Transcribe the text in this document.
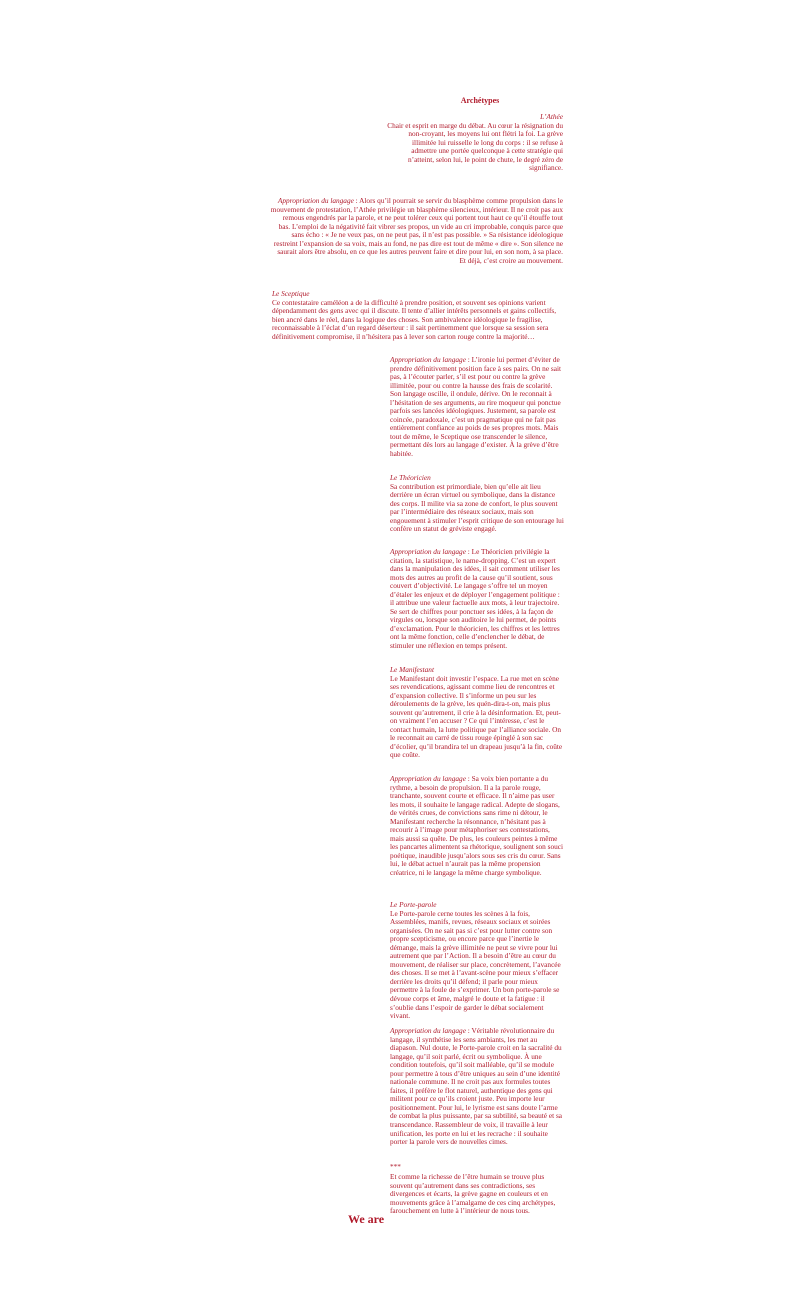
Archétypes
L’Athée
Chair et esprit en marge du débat. Au cœur la résignation du non-croyant, les moyens lui ont flétri la foi. La grève illimitée lui ruisselle le long du corps : il se refuse à admettre une portée quelconque à cette stratégie qui n’atteint, selon lui, le point de chute, le degré zéro de signifiance.
Appropriation du langage : Alors qu’il pourrait se servir du blasphème comme propulsion dans le mouvement de protestation, l’Athée privilégie un blasphème silencieux, intérieur. Il ne croit pas aux remous engendrés par la parole, et ne peut tolérer ceux qui portent tout haut ce qu’il étouffe tout bas. L’emploi de la négativité fait vibrer ses propos, un vide au cri improbable, conquis parce que sans écho : « Je ne veux pas, on ne peut pas, il n’est pas possible. » Sa résistance idéologique restreint l’expansion de sa voix, mais au fond, ne pas dire est tout de même « dire ». Son silence ne saurait alors être absolu, en ce que les autres peuvent faire et dire pour lui, en son nom, à sa place. Et déjà, c’est croire au mouvement.
Le Sceptique
Ce contestataire caméléon a de la difficulté à prendre position, et souvent ses opinions varient dépendamment des gens avec qui il discute. Il tente d’allier intérêts personnels et gains collectifs, bien ancré dans le réel, dans la logique des choses. Son ambivalence idéologique le fragilise, reconnaissable à l’éclat d’un regard déserteur : il sait pertinemment que lorsque sa session sera définitivement compromise, il n’hésitera pas à lever son carton rouge contre la majorité…
Appropriation du langage : L’ironie lui permet d’éviter de prendre définitivement position face à ses pairs. On ne sait pas, à l’écouter parler, s’il est pour ou contre la grève illimitée, pour ou contre la hausse des frais de scolarité. Son langage oscille, il ondule, dérive. On le reconnait à l’hésitation de ses arguments, au rire moqueur qui ponctue parfois ses lancées idéologiques. Justement, sa parole est coincée, paradoxale, c’est un pragmatique qui ne fait pas entièrement confiance au poids de ses propres mots. Mais tout de même, le Sceptique ose transcender le silence, permettant dès lors au langage d’exister. À la grève d’être habitée.
Le Théoricien
Sa contribution est primordiale, bien qu’elle ait lieu derrière un écran virtuel ou symbolique, dans la distance des corps. Il milite via sa zone de confort, le plus souvent par l’intermédiaire des réseaux sociaux, mais son engouement à stimuler l’esprit critique de son entourage lui confère un statut de gréviste engagé.
Appropriation du langage : Le Théoricien privilégie la citation, la statistique, le name-dropping. C’est un expert dans la manipulation des idées, il sait comment utiliser les mots des autres au profit de la cause qu’il soutient, sous couvert d’objectivité. Le langage s’offre tel un moyen d’étaler les enjeux et de déployer l’engagement politique : il attribue une valeur factuelle aux mots, à leur trajectoire. Se sert de chiffres pour ponctuer ses idées, à la façon de virgules ou, lorsque son auditoire le lui permet, de points d’exclamation. Pour le théoricien, les chiffres et les lettres ont la même fonction, celle d’enclencher le débat, de stimuler une réflexion en temps présent.
Le Manifestant
Le Manifestant doit investir l’espace. La rue met en scène ses revendications, agissant comme lieu de rencontres et d’expansion collective. Il s’informe un peu sur les déroulements de la grève, les quén-dira-t-on, mais plus souvent qu’autrement, il crie à la désinformation. Et, peut-on vraiment l’en accuser ? Ce qui l’intéresse, c’est le contact humain, la lutte politique par l’alliance sociale. On le reconnait au carré de tissu rouge épinglé à son sac d’écolier, qu’il brandira tel un drapeau jusqu’à la fin, coûte que coûte.
Appropriation du langage : Sa voix bien portante a du rythme, a besoin de propulsion. Il a la parole rouge, tranchante, souvent courte et efficace. Il n’aime pas user les mots, il souhaite le langage radical. Adepte de slogans, de vérités crues, de convictions sans rime ni détour, le Manifestant recherche la résonnance, n’hésitant pas à recourir à l’image pour métaphoriser ses contestations, mais aussi sa quête. De plus, les couleurs peintes à même les pancartes alimentent sa rhétorique, soulignent son souci poétique, inaudible jusqu’alors sous ses cris du cœur. Sans lui, le débat actuel n’aurait pas la même propension créatrice, ni le langage la même charge symbolique.
Le Porte-parole
Le Porte-parole cerne toutes les scènes à la fois, Assemblées, manifs, revues, réseaux sociaux et soirées organisées. On ne sait pas si c’est pour lutter contre son propre scepticisme, ou encore parce que l’inertie le démange, mais la grève illimitée ne peut se vivre pour lui autrement que par l’Action. Il a besoin d’être au cœur du mouvement, de réaliser sur place, concrètement, l’avancée des choses. Il se met à l’avant-scène pour mieux s’effacer derrière les droits qu’il défend; il parle pour mieux permettre à la foule de s’exprimer. Un bon porte-parole se dévoue corps et âme, malgré le doute et la fatigue : il s’oublie dans l’espoir de garder le débat socialement vivant.
Appropriation du langage : Véritable révolutionnaire du langage, il synthétise les sens ambiants, les met au diapason. Nul doute, le Porte-parole croit en la sacralité du langage, qu’il soit parlé, écrit ou symbolique. À une condition toutefois, qu’il soit malléable, qu’il se module pour permettre à tous d’être uniques au sein d’une identité nationale commune. Il ne croit pas aux formules toutes faites, il préfère le flot naturel, authentique des gens qui militent pour ce qu’ils croient juste. Peu importe leur positionnement. Pour lui, le lyrisme est sans doute l’arme de combat la plus puissante, par sa subtilité, sa beauté et sa transcendance. Rassembleur de voix, il travaille à leur unification, les porte en lui et les recrache : il souhaite porter la parole vers de nouvelles cimes.
***
Et comme la richesse de l’être humain se trouve plus souvent qu’autrement dans ses contradictions, ses divergences et écarts, la grève gagne en couleurs et en mouvements grâce à l’amalgame de ces cinq archétypes, farouchement en lutte à l’intérieur de nous tous.
We are
